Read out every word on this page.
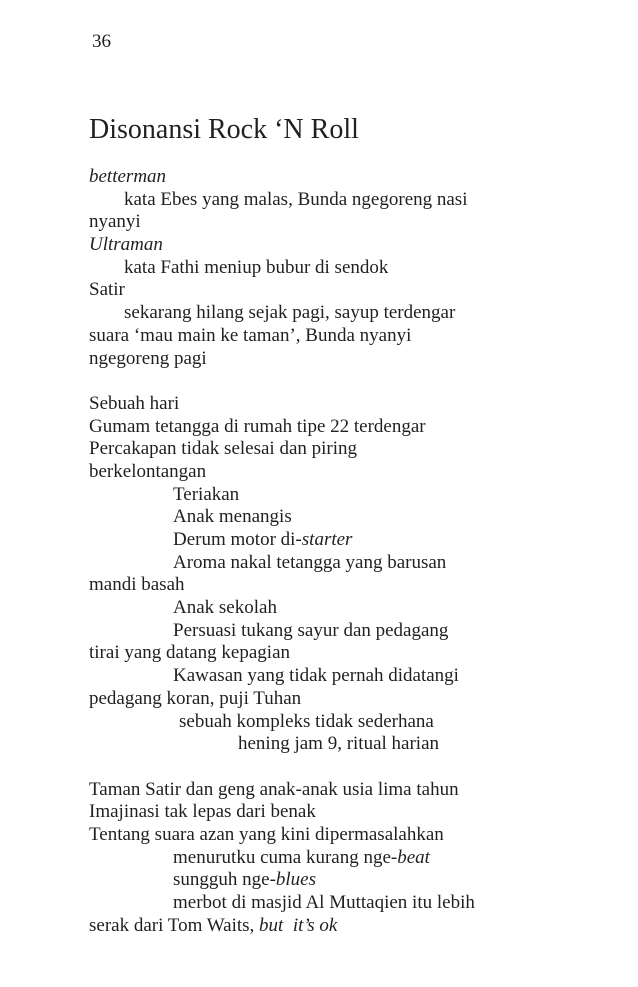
36
Disonansi Rock ‘N Roll
betterman
kata Ebes yang malas, Bunda ngegoreng nasi
nyanyi
Ultraman
kata Fathi meniup bubur di sendok
Satir
sekarang hilang sejak pagi, sayup terdengar
suara ‘mau main ke taman’, Bunda nyanyi
ngegoreng pagi
Sebuah hari
Gumam tetangga di rumah tipe 22 terdengar
Percakapan tidak selesai dan piring
berkelontangan
Teriakan
Anak menangis
Derum motor di-starter
Aroma nakal tetangga yang barusan
mandi basah
Anak sekolah
Persuasi tukang sayur dan pedagang
tirai yang datang kepagian
Kawasan yang tidak pernah didatangi
pedagang koran, puji Tuhan
sebuah kompleks tidak sederhana
hening jam 9, ritual harian
Taman Satir dan geng anak-anak usia lima tahun
Imajinasi tak lepas dari benak
Tentang suara azan yang kini dipermasalahkan
menurutku cuma kurang nge-beat
sungguh nge-blues
merbot di masjid Al Muttaqien itu lebih
serak dari Tom Waits, but  it’s ok
